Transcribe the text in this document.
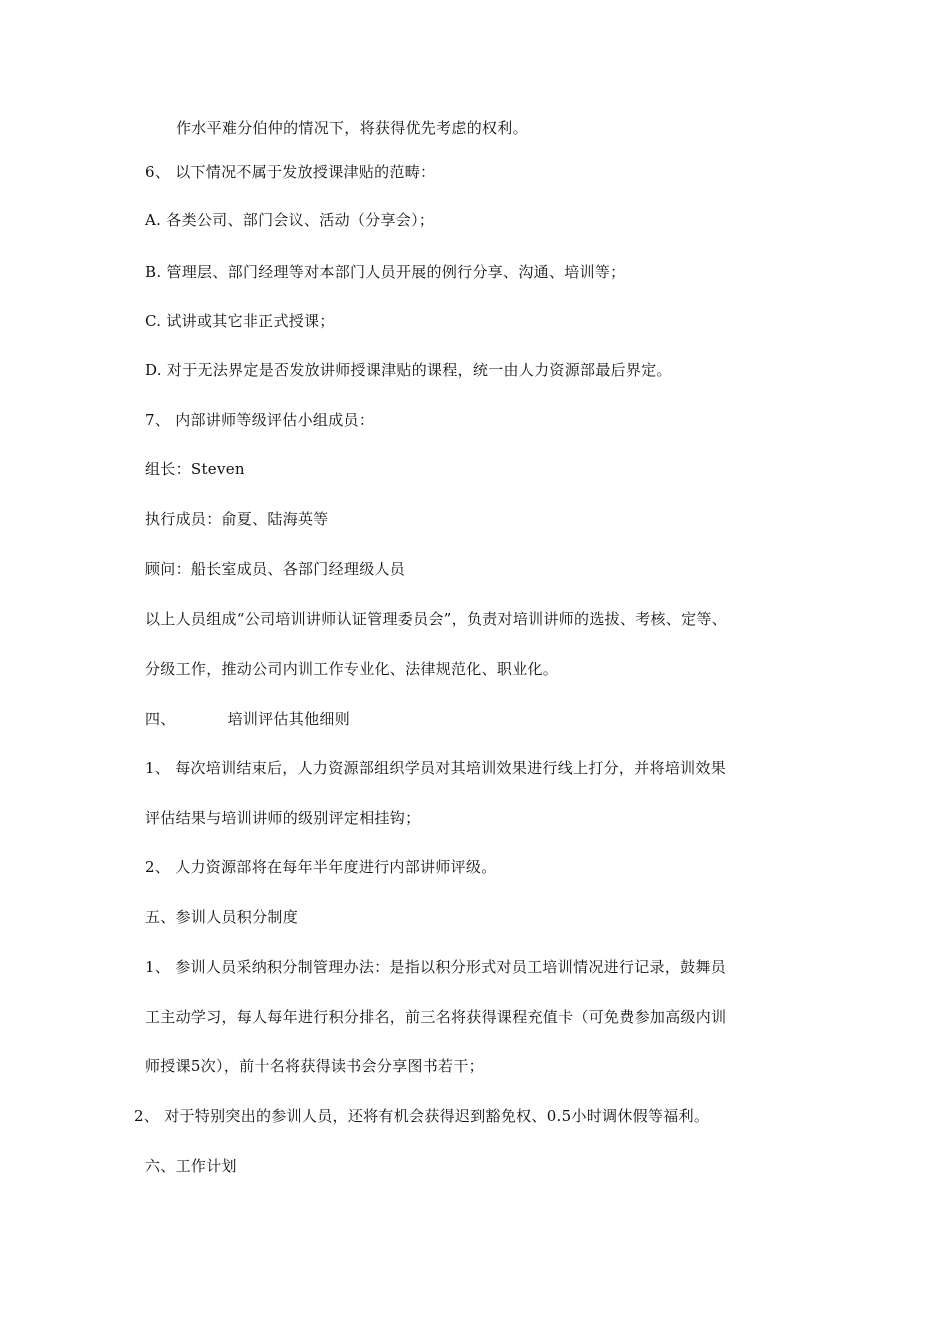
作水平难分伯仲的情况下，将获得优先考虑的权利。
6、 以下情况不属于发放授课津贴的范畴：
A. 各类公司、部门会议、活动（分享会）；
B. 管理层、部门经理等对本部门人员开展的例行分享、沟通、培训等；
C. 试讲或其它非正式授课；
D. 对于无法界定是否发放讲师授课津贴的课程，统一由人力资源部最后界定。
7、 内部讲师等级评估小组成员：
组长：Steven
执行成员：俞夏、陆海英等
顾问：船长室成员、各部门经理级人员
以上人员组成“公司培训讲师认证管理委员会”，负责对培训讲师的选拔、考核、定等、
分级工作，推动公司内训工作专业化、法律规范化、职业化。
四、	培训评估其他细则
1、 每次培训结束后，人力资源部组织学员对其培训效果进行线上打分，并将培训效果
评估结果与培训讲师的级别评定相挂钩；
2、 人力资源部将在每年半年度进行内部讲师评级。
五、参训人员积分制度
1、 参训人员采纳积分制管理办法：是指以积分形式对员工培训情况进行记录，鼓舞员
工主动学习，每人每年进行积分排名，前三名将获得课程充值卡（可免费参加高级内训
师授课5次），前十名将获得读书会分享图书若干；
2、 对于特别突出的参训人员，还将有机会获得迟到豁免权、0.5小时调休假等福利。
六、工作计划
